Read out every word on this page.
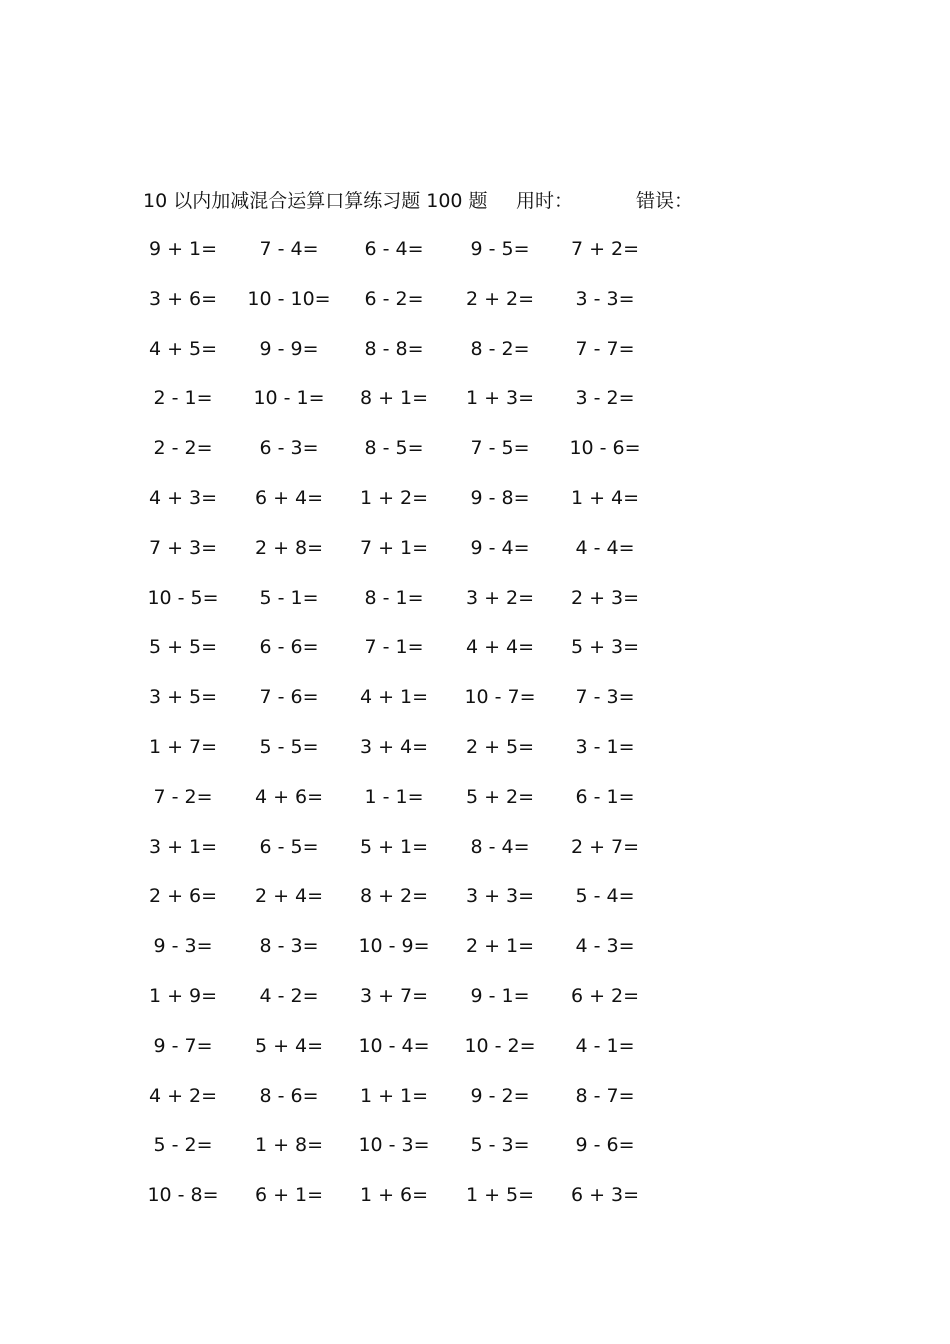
10 以内加减混合运算口算练习题 100 题 用时：	错误：
9 + 1=	7 - 4=	6 - 4=	9 - 5=	7 + 2=
3 + 6=	10 - 10=	6 - 2=	2 + 2=	3 - 3=
4 + 5=	9 - 9=	8 - 8=	8 - 2=	7 - 7=
2 - 1=	10 - 1=	8 + 1=	1 + 3=	3 - 2=
2 - 2=	6 - 3=	8 - 5=	7 - 5=	10 - 6=
4 + 3=	6 + 4=	1 + 2=	9 - 8=	1 + 4=
7 + 3=	2 + 8=	7 + 1=	9 - 4=	4 - 4=
10 - 5=	5 - 1=	8 - 1=	3 + 2=	2 + 3=
5 + 5=	6 - 6=	7 - 1=	4 + 4=	5 + 3=
3 + 5=	7 - 6=	4 + 1=	10 - 7=	7 - 3=
1 + 7=	5 - 5=	3 + 4=	2 + 5=	3 - 1=
7 - 2=	4 + 6=	1 - 1=	5 + 2=	6 - 1=
3 + 1=	6 - 5=	5 + 1=	8 - 4=	2 + 7=
2 + 6=	2 + 4=	8 + 2=	3 + 3=	5 - 4=
9 - 3=	8 - 3=	10 - 9=	2 + 1=	4 - 3=
1 + 9=	4 - 2=	3 + 7=	9 - 1=	6 + 2=
9 - 7=	5 + 4=	10 - 4=	10 - 2=	4 - 1=
4 + 2=	8 - 6=	1 + 1=	9 - 2=	8 - 7=
5 - 2=	1 + 8=	10 - 3=	5 - 3=	9 - 6=
10 - 8=	6 + 1=	1 + 6=	1 + 5=	6 + 3=
